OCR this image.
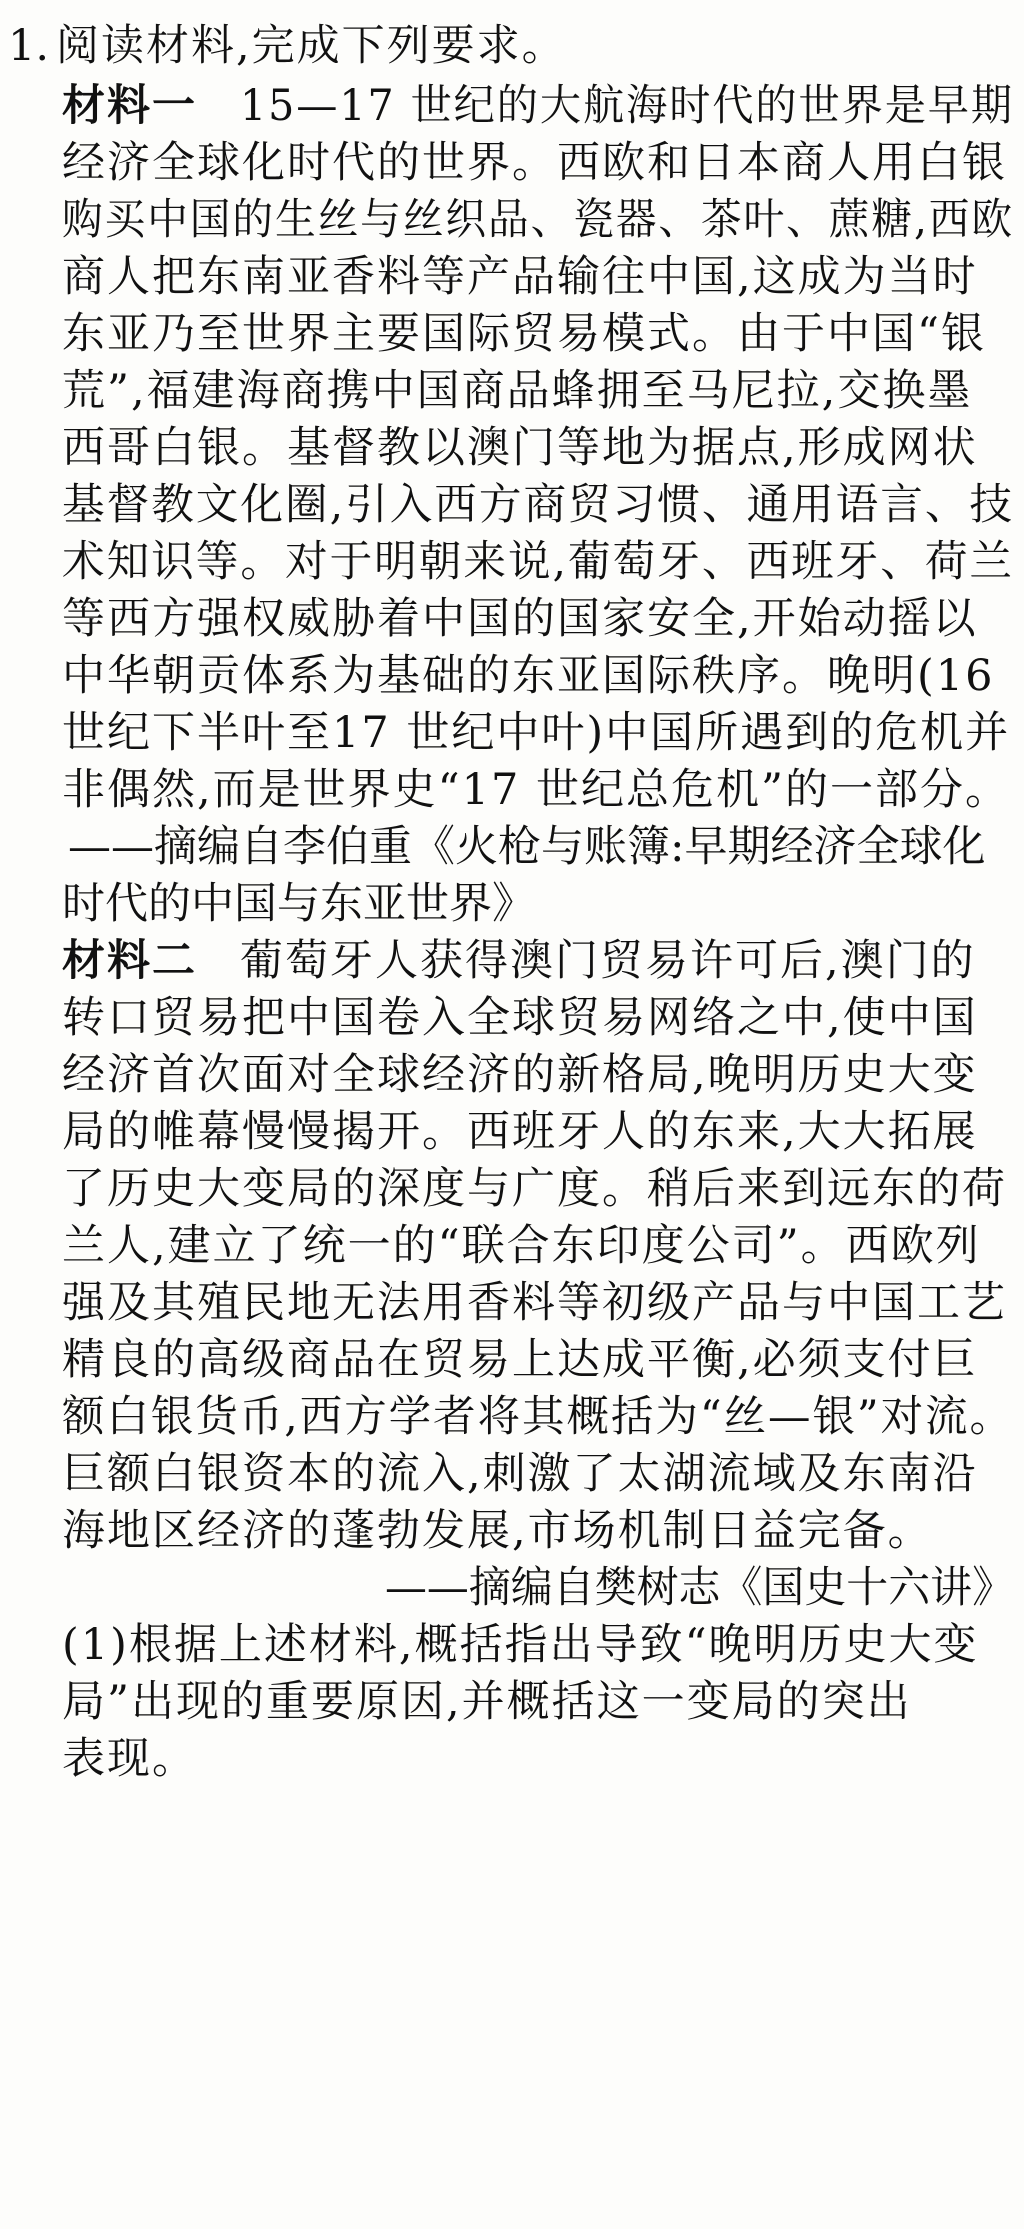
1. 阅读材料,完成下列要求。
材料一 15—17 世纪的大航海时代的世界是早期
经济全球化时代的世界。西欧和日本商人用白银
购买中国的生丝与丝织品、瓷器、茶叶、蔗糖,西欧
商人把东南亚香料等产品输往中国,这成为当时
东亚乃至世界主要国际贸易模式。由于中国“银
荒”,福建海商携中国商品蜂拥至马尼拉,交换墨
西哥白银。基督教以澳门等地为据点,形成网状
基督教文化圈,引入西方商贸习惯、通用语言、技
术知识等。对于明朝来说,葡萄牙、西班牙、荷兰
等西方强权威胁着中国的国家安全,开始动摇以
中华朝贡体系为基础的东亚国际秩序。晚明(16
世纪下半叶至17 世纪中叶)中国所遇到的危机并
非偶然,而是世界史“17 世纪总危机”的一部分。
——摘编自李伯重《火枪与账簿:早期经济全球化
时代的中国与东亚世界》
材料二 葡萄牙人获得澳门贸易许可后,澳门的
转口贸易把中国卷入全球贸易网络之中,使中国
经济首次面对全球经济的新格局,晚明历史大变
局的帷幕慢慢揭开。西班牙人的东来,大大拓展
了历史大变局的深度与广度。稍后来到远东的荷
兰人,建立了统一的“联合东印度公司”。西欧列
强及其殖民地无法用香料等初级产品与中国工艺
精良的高级商品在贸易上达成平衡,必须支付巨
额白银货币,西方学者将其概括为“丝—银”对流。
巨额白银资本的流入,刺激了太湖流域及东南沿
海地区经济的蓬勃发展,市场机制日益完备。
——摘编自樊树志《国史十六讲》
(1)根据上述材料,概括指出导致“晚明历史大变
局”出现的重要原因,并概括这一变局的突出
表现。
